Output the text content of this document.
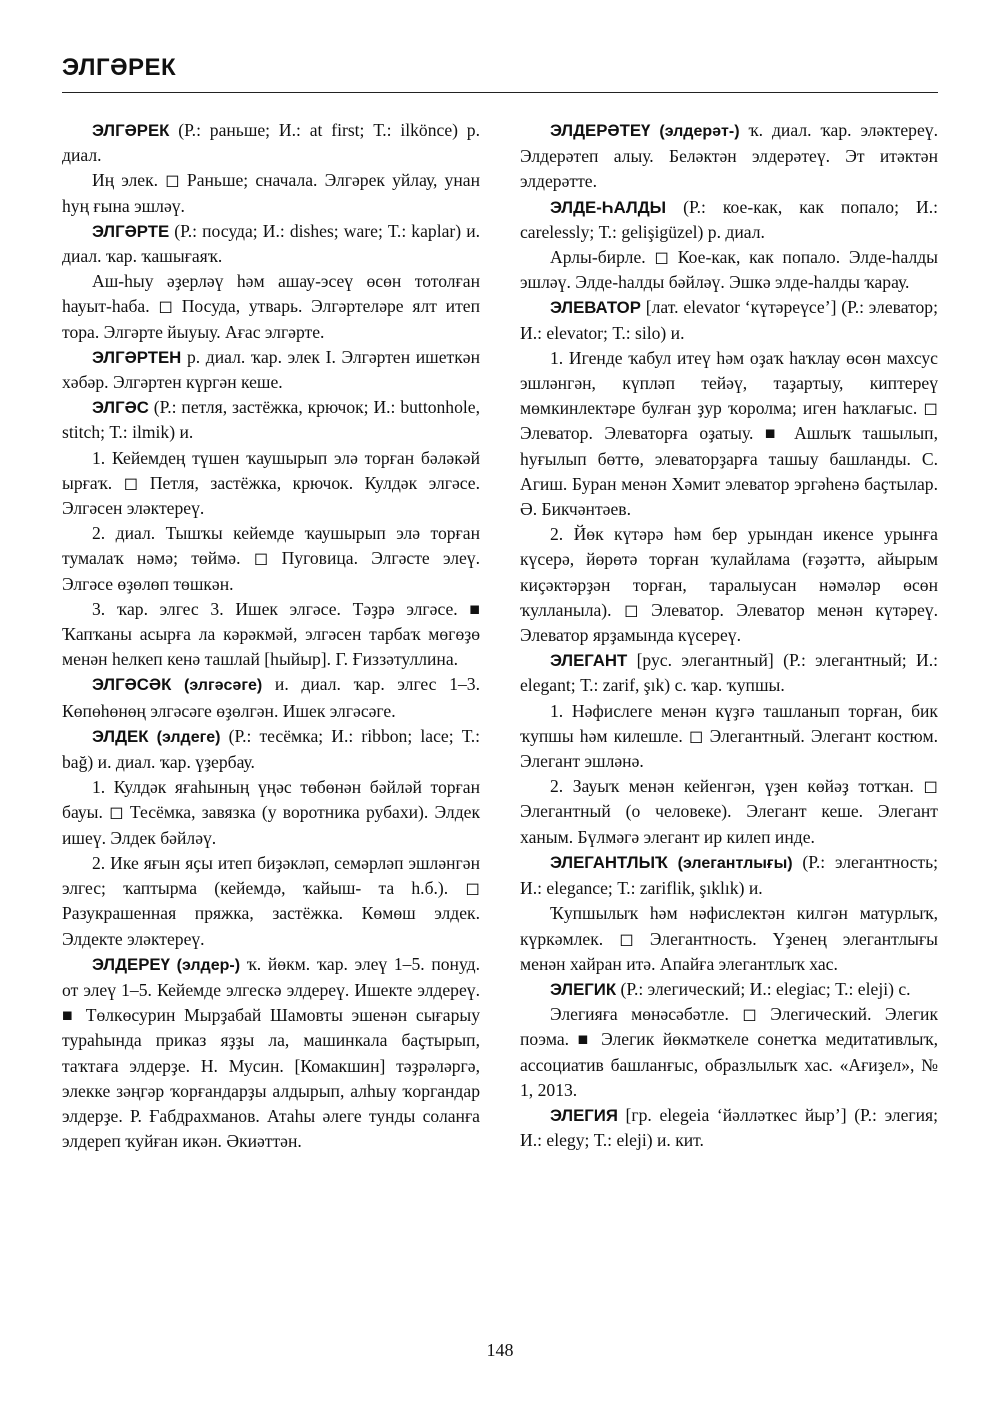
ЭЛГӘРЕК

ЭЛГӘРЕК (Р.: раньше; И.: at first; Т.: ilköncе) р. диал.

Иң элек. ◻ Раньше; сначала. Элгәрек уйлау, унан һуң ғына эшләү.

ЭЛГӘРТЕ (Р.: посуда; И.: dishes; ware; Т.: kaplar) и. диал. ҡар. ҡашығаяҡ.

Аш-һыу әҙерләү һәм ашау-эсеү өсөн тотолған һауыт-һаба. ◻ Посуда, утварь. Элгәртеләре ялт итеп тора. Элгәрте йыуыу. Ағас элгәрте.

ЭЛГӘРТЕН р. диал. ҡар. элек I. Элгәртен ишеткән хәбәр. Элгәртен күргән кеше.

ЭЛГӘС (Р.: петля, застёжка, крючок; И.: buttonhole, stitch; Т.: ilmik) и.

1. Кейемдең түшен ҡаушырып элә торған бәләкәй ырғаҡ. ◻ Петля, застёжка, крючок. Кулдәк элгәсе. Элгәсен эләктереү.

2. диал. Тышҡы кейемде ҡаушырып элә торған тумалаҡ нәмә; төймә. ◻ Пуговица. Элгәсте элеү. Элгәсе өҙөлөп төшкән.

3. ҡар. элгес 3. Ишек элгәсе. Тәҙрә элгәсе. ■ Ҡапҡаны асырға ла кәрәкмәй, элгәсен тарбаҡ мөгөҙө менән һелкеп кенә ташлай [һыйыр]. Г. Ғиззәтуллина.

ЭЛГӘСӘК (элгәсәге) и. диал. ҡар. элгес 1–3. Көпөһөнөң элгәсәге өҙөлгән. Ишек элгәсәге.

ЭЛДЕК (элдеге) (Р.: тесёмка; И.: ribbon; lace; Т.: bağ) и. диал. ҡар. үҙербау.

1. Кулдәк яғаһының үңәс төбөнән бәйләй торған бауы. ◻ Тесёмка, завязка (у воротника рубахи). Элдек ишеү. Элдек бәйләү.

2. Ике яғын яҫы итеп биҙәкләп, семәрләп эшләнгән элгес; ҡаптырма (кейемдә, ҡайыш- та һ.б.). ◻ Разукрашенная пряжка, застёжка. Көмөш элдек. Элдекте эләктереү.

ЭЛДЕРЕҮ (элдер-) ҡ. йөкм. ҡар. элеү 1–5. понуд. от элеү 1–5. Кейемде элгескә элдереү. Ишекте элдереү. ■ Төлкөсурин Мырҙабай Шамовты эшенән сығарыу тураһында приказ яҙҙы ла, машинкала баҫтырып, таҡтаға элдерҙе. Н. Мусин. [Комакшин] тәҙрәләргә, элекке зәңгәр ҡорғандарҙы алдырып, алһыу ҡоргандар элдерҙе. Р. Ғабдрахманов. Атаһы әлеге тунды соланға элдереп ҡуйған икән. Әкиәттән.

ЭЛДЕРӘТЕҮ (элдерәт-) ҡ. диал. ҡар. эләктереү. Элдерәтеп алыу. Беләктән элдерәтеү. Эт итәктән элдерәтте.

ЭЛДЕ-ҺАЛДЫ (Р.: кое-как, как попало; И.: carelessly; Т.: gelişigüzel) р. диал.

Арлы-бирле. ◻ Кое-как, как попало. Элде-һалды эшләү. Элде-һалды бәйләү. Эшкә элде-һалды ҡарау.

ЭЛЕВАТОР [лат. elevator ‘күтәреүсе’] (Р.: элеватор; И.: elevator; Т.: silo) и.

1. Игенде ҡабул итеү һәм оҙаҡ һаҡлау өсөн махсус эшләнгән, күпләп тейәү, таҙартыу, киптереү мөмкинлектәре булған ҙур ҡоролма; иген һаҡлағыс. ◻ Элеватор. Элеваторға оҙатыу. ■ Ашлыҡ ташылып, һуғылып бөттө, элеваторҙарға ташыу башланды. С. Агиш. Буран менән Хәмит элеватор эргәһенә баҫтылар. Ә. Бикчәнтәев.

2. Йөк күтәрә һәм бер урындан икенсе урынға күсерә, йөрөтә торған ҡулайлама (ғәҙәттә, айырым киҫәктәрҙән торған, таралыусан нәмәләр өсөн ҡулланыла). ◻ Элеватор. Элеватор менән күтәреү. Элеватор ярҙамында күсереү.

ЭЛЕГАНТ [рус. элегантный] (Р.: элегантный; И.: elegant; Т.: zarif, şık) с. ҡар. ҡупшы.

1. Нәфислеге менән күҙгә ташланып торған, бик ҡупшы һәм килешле. ◻ Элегантный. Элегант костюм. Элегант эшләнә.

2. Зауыҡ менән кейенгән, үҙен көйәҙ тотҡан. ◻ Элегантный (о человеке). Элегант кеше. Элегант ханым. Бүлмәгә элегант ир килеп инде.

ЭЛЕГАНТЛЫҠ (элегантлығы) (Р.: элегантность; И.: elegance; Т.: zariflik, şıklık) и.

Ҡупшылыҡ һәм нәфислектән килгән матурлыҡ, күркәмлек. ◻ Элегантность. Үҙенең элегантлығы менән хайран итә. Апайға элегантлыҡ хас.

ЭЛЕГИК (Р.: элегический; И.: elegiac; Т.: eleji) с.

Элегияға мөнәсәбәтле. ◻ Элегический. Элегик поэма. ■ Элегик йөкмәткеле сонетҡа медитативлыҡ, ассоциатив башланғыс, образлылыҡ хас. «Ағиҙел», № 1, 2013.

ЭЛЕГИЯ [гр. elegeia ‘йәлләткес йыр’] (Р.: элегия; И.: elegy; Т.: eleji) и. кит.

148
